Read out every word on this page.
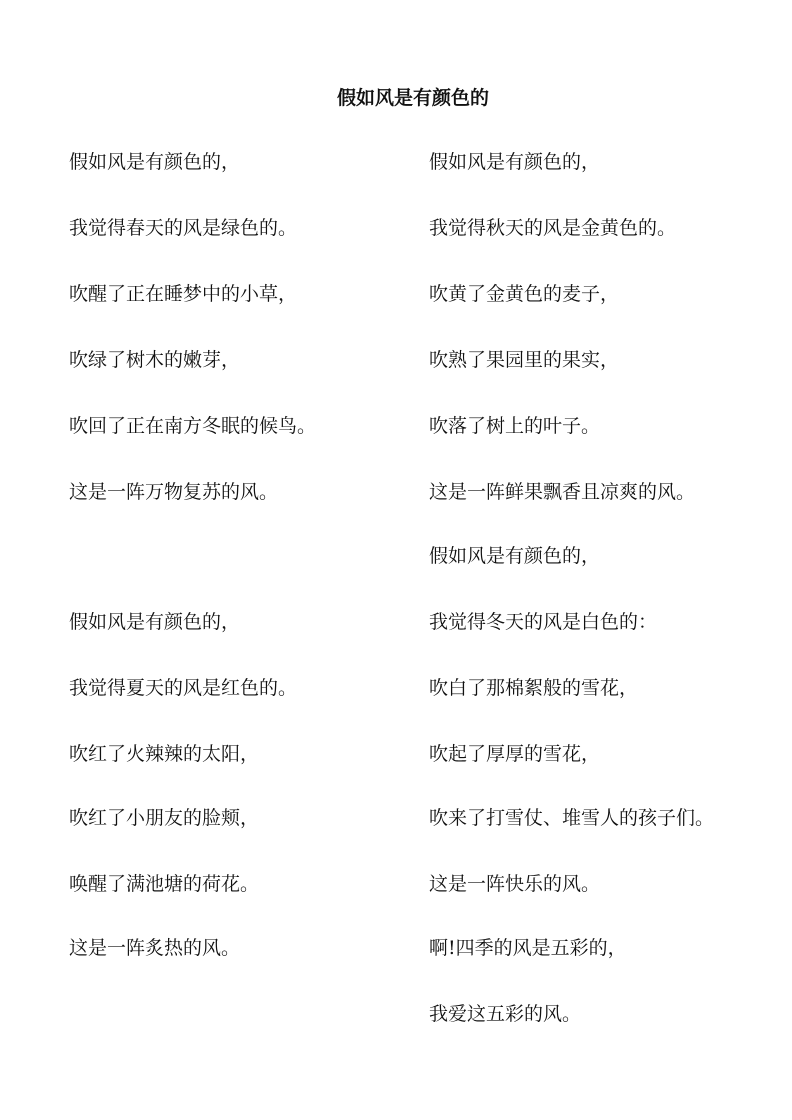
假如风是有颜色的
假如风是有颜色的，
我觉得春天的风是绿色的。
吹醒了正在睡梦中的小草，
吹绿了树木的嫩芽，
吹回了正在南方冬眠的候鸟。
这是一阵万物复苏的风。
假如风是有颜色的，
我觉得夏天的风是红色的。
吹红了火辣辣的太阳，
吹红了小朋友的脸颊，
唤醒了满池塘的荷花。
这是一阵炙热的风。
假如风是有颜色的，
我觉得秋天的风是金黄色的。
吹黄了金黄色的麦子，
吹熟了果园里的果实，
吹落了树上的叶子。
这是一阵鲜果飘香且凉爽的风。
假如风是有颜色的，
我觉得冬天的风是白色的：
吹白了那棉絮般的雪花，
吹起了厚厚的雪花，
吹来了打雪仗、堆雪人的孩子们。
这是一阵快乐的风。
啊!四季的风是五彩的，
我爱这五彩的风。
